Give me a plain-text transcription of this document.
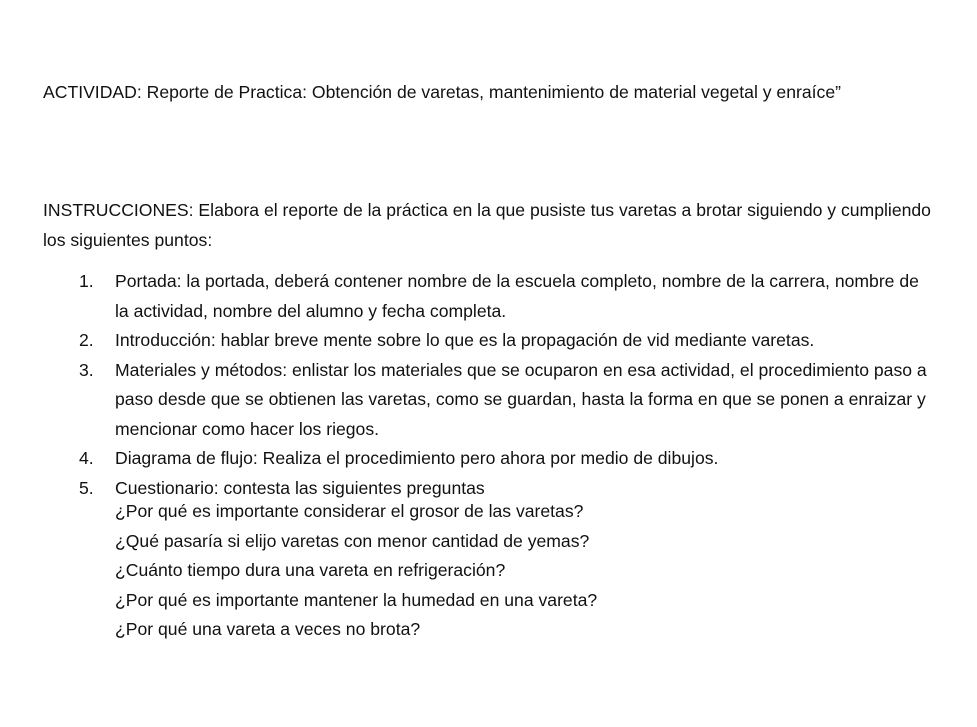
ACTIVIDAD: Reporte de Practica: Obtención de varetas, mantenimiento de material vegetal y enraíce”

INSTRUCCIONES: Elabora el reporte de la práctica en la que pusiste tus varetas a brotar siguiendo y cumpliendo los siguientes puntos:

1. Portada: la portada, deberá contener nombre de la escuela completo, nombre de la carrera, nombre de la actividad, nombre del alumno y fecha completa.
2. Introducción: hablar breve mente sobre lo que es la propagación de vid mediante varetas.
3. Materiales y métodos: enlistar los materiales que se ocuparon en esa actividad, el procedimiento paso a paso desde que se obtienen las varetas, como se guardan, hasta la forma en que se ponen a enraizar y mencionar como hacer los riegos.
4. Diagrama de flujo: Realiza el procedimiento pero ahora por medio de dibujos.
5. Cuestionario: contesta las siguientes preguntas
¿Por qué es importante considerar el grosor de las varetas?
¿Qué pasaría si elijo varetas con menor cantidad de yemas?
¿Cuánto tiempo dura una vareta en refrigeración?
¿Por qué es importante mantener la humedad en una vareta?
¿Por qué una vareta a veces no brota?
